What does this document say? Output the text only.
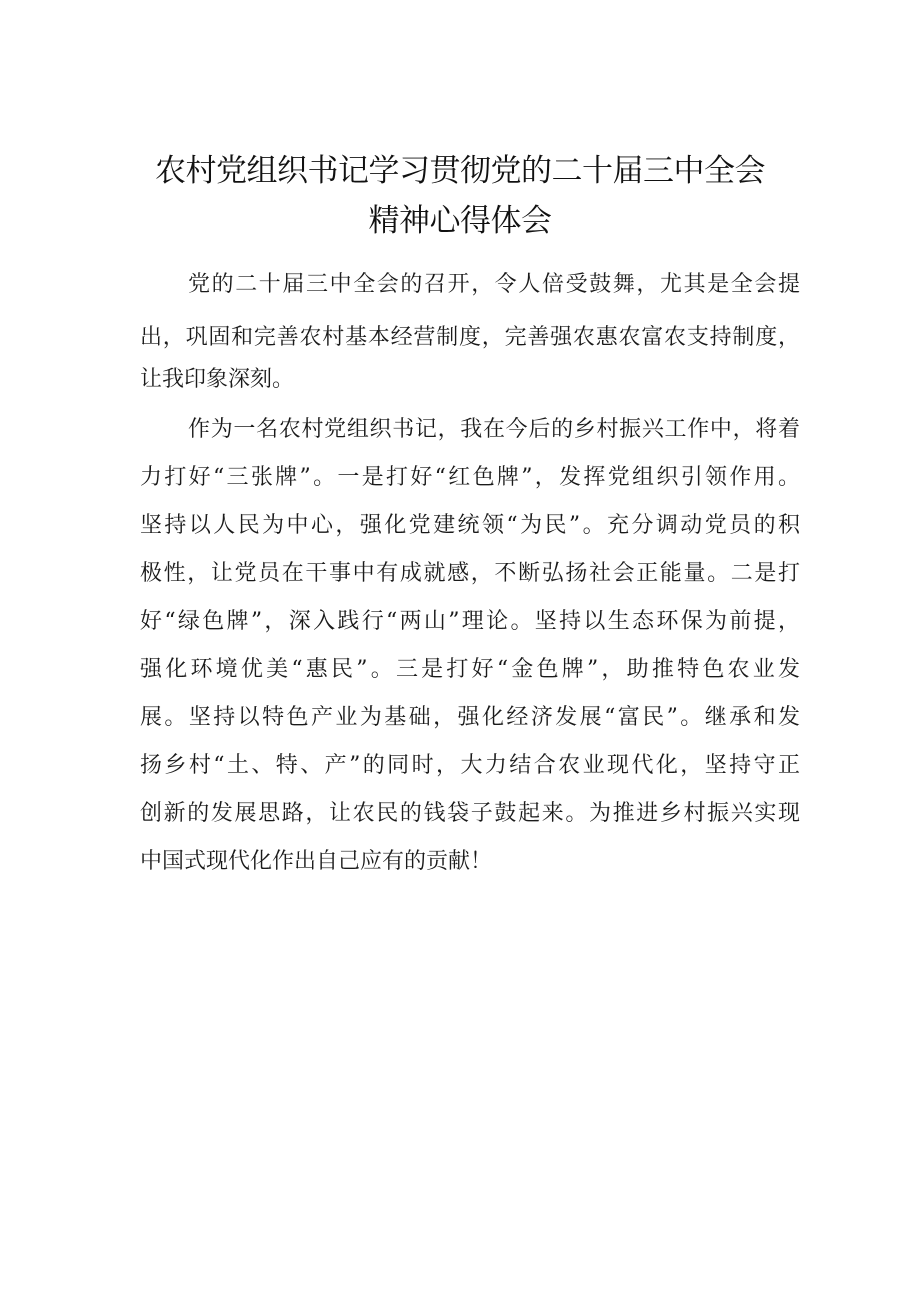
农村党组织书记学习贯彻党的二十届三中全会
精神心得体会
党的二十届三中全会的召开，令人倍受鼓舞，尤其是全会提
出，巩固和完善农村基本经营制度，完善强农惠农富农支持制度，
让我印象深刻。
作为一名农村党组织书记，我在今后的乡村振兴工作中，将着
力打好“三张牌”。一是打好“红色牌”，发挥党组织引领作用。
坚持以人民为中心，强化党建统领“为民”。充分调动党员的积
极性，让党员在干事中有成就感，不断弘扬社会正能量。二是打
好“绿色牌”，深入践行“两山”理论。坚持以生态环保为前提，
强化环境优美“惠民”。三是打好“金色牌”，助推特色农业发
展。坚持以特色产业为基础，强化经济发展“富民”。继承和发
扬乡村“土、特、产”的同时，大力结合农业现代化，坚持守正
创新的发展思路，让农民的钱袋子鼓起来。为推进乡村振兴实现
中国式现代化作出自己应有的贡献！
